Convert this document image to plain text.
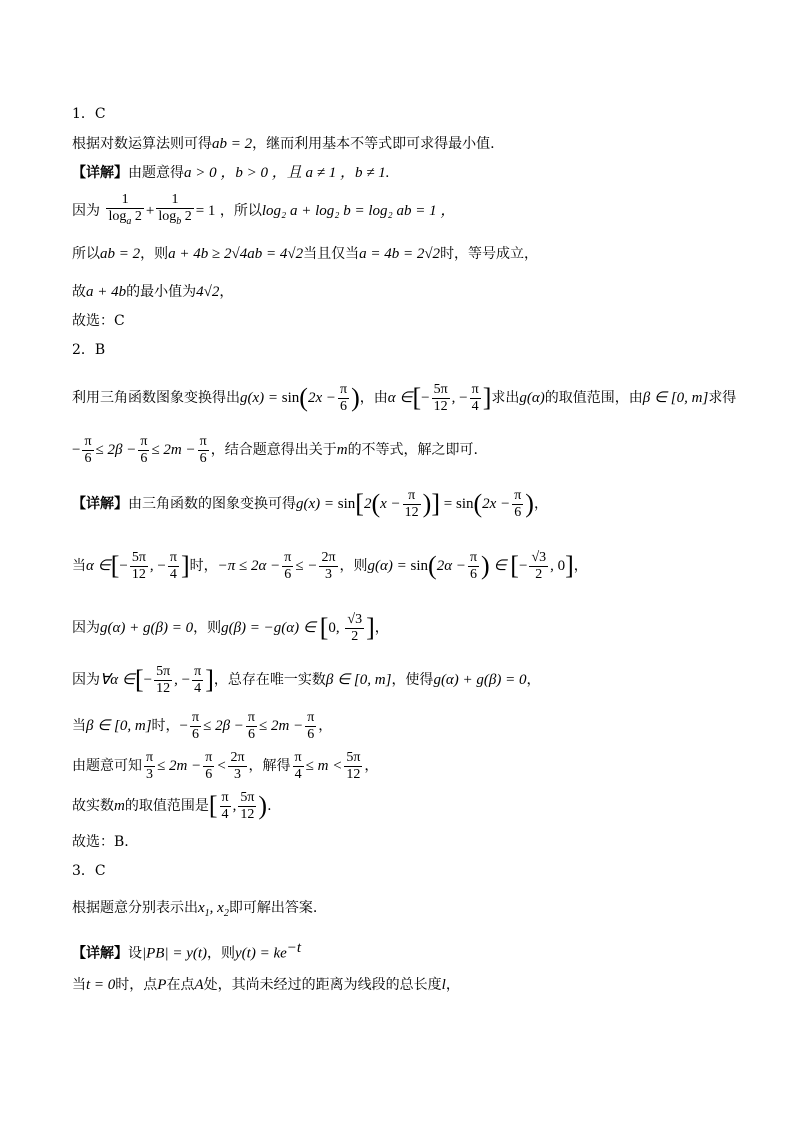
1．C
根据对数运算法则可得ab = 2，继而利用基本不等式即可求得最小值.
【详解】由题意得a > 0 ，b > 0 ，且 a ≠ 1 ，b ≠ 1.
因为 $\frac{1}{\log_a 2} + \frac{1}{\log_b 2} = 1$ ，所以log₂ a + log₂ b = log₂ ab = 1 ，
所以ab = 2，则a + 4b ≥ 2√4ab = 4√2当且仅当a = 4b = 2√2时，等号成立，
故a + 4b的最小值为4√2，
故选：C
2．B
利用三角函数图象变换得出$g(x) = \sin(2x - \frac{\pi}{6}$ )，由α ∈[− $\frac{5\pi}{12}$ , − $\frac{\pi}{4}$ ]求出g(α)的取值范围，由β ∈ [0, m]求得
− $\frac{\pi}{6} \le 2\beta - \frac{\pi}{6} \le 2m - \frac{\pi}{6}$ ，结合题意得出关于m的不等式，解之即可.
【详解】由三角函数的图象变换可得$g(x) = \sin[2(x - \frac{\pi}{12}$ )] = $\sin(2x - \frac{\pi}{6}$ )，
当α ∈[− $\frac{5\pi}{12}$ , − $\frac{\pi}{4}$ ]时，$-\pi \le 2\alpha - \frac{\pi}{6}$ ≤ − $\frac{2\pi}{3}$ ，则$g(\alpha) = \sin(2\alpha - \frac{\pi}{6}$ ) ∈ [− $\frac{√3}{2}$ , 0]，
因为g(α) + g(β) = 0，则g(β) = −g(α) ∈ [0, $\frac{√3}{2}$ ]，
因为∀α ∈[− $\frac{5\pi}{12}$ , − $\frac{\pi}{4}$ ]，总存在唯一实数β ∈ [0, m]，使得g(α) + g(β) = 0，
当β ∈ [0, m]时，− $\frac{\pi}{6} \le 2\beta - \frac{\pi}{6} \le 2m - \frac{\pi}{6}$ ，
由题意可知 $\frac{\pi}{3} \le 2m - \frac{\pi}{6} < \frac{2\pi}{3}$ ，解得 $\frac{\pi}{4} \le m < \frac{5\pi}{12}$ ，
故实数m的取值范围是[ $\frac{\pi}{4}$ , $\frac{5\pi}{12}$ ).
故选：B.
3．C
根据题意分别表示出$x_1$, $x_2$即可解出答案.
【详解】设|PB| = y(t)，则$y(t) = ke^{-t}$
当t = 0时，点P在点A处，其尚未经过的距离为线段的总长度l，
